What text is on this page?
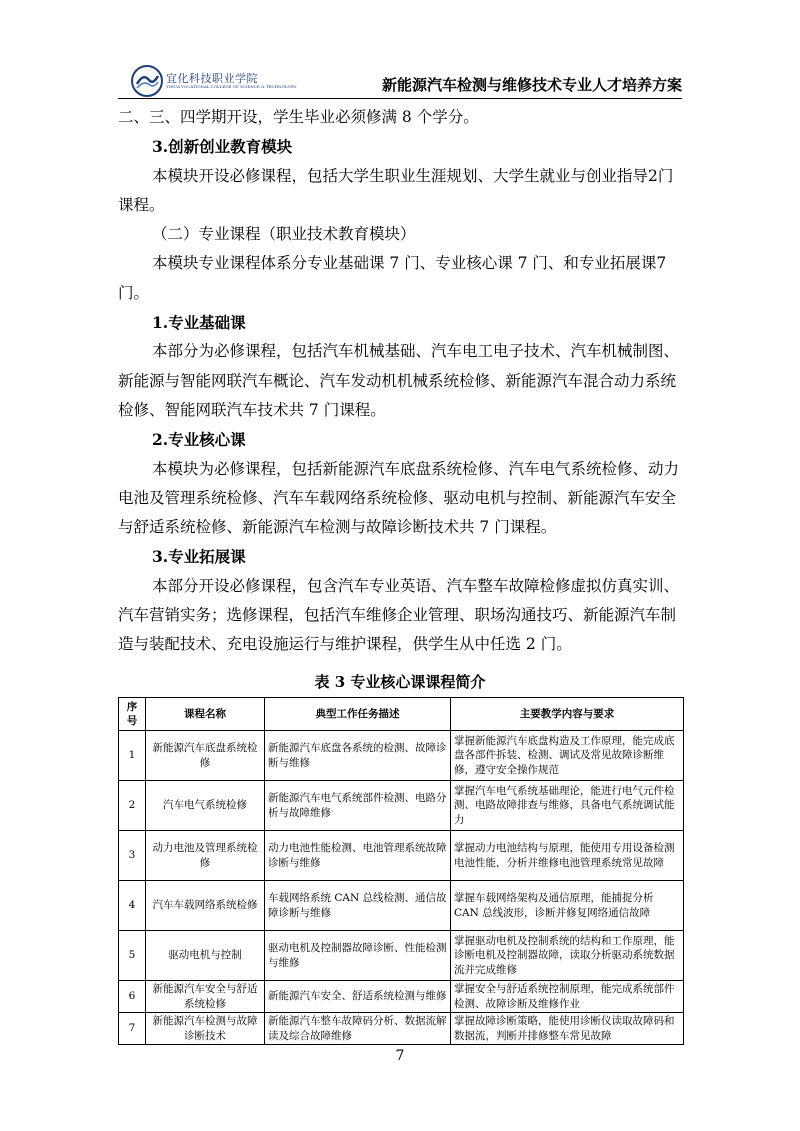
宜化科技职业学院
YIHUA VOCATIONAL COLLEGE OF SCIENCE & TECHNOLOGY	新能源汽车检测与维修技术专业人才培养方案

二、三、四学期开设，学生毕业必须修满 8 个学分。

3.创新创业教育模块

本模块开设必修课程，包括大学生职业生涯规划、大学生就业与创业指导2门课程。

（二）专业课程（职业技术教育模块）

本模块专业课程体系分专业基础课 7 门、专业核心课 7 门、和专业拓展课7门。

1.专业基础课

本部分为必修课程，包括汽车机械基础、汽车电工电子技术、汽车机械制图、新能源与智能网联汽车概论、汽车发动机机械系统检修、新能源汽车混合动力系统检修、智能网联汽车技术共 7 门课程。

2.专业核心课

本模块为必修课程，包括新能源汽车底盘系统检修、汽车电气系统检修、动力电池及管理系统检修、汽车车载网络系统检修、驱动电机与控制、新能源汽车安全与舒适系统检修、新能源汽车检测与故障诊断技术共 7 门课程。

3.专业拓展课

本部分开设必修课程，包含汽车专业英语、汽车整车故障检修虚拟仿真实训、汽车营销实务；选修课程，包括汽车维修企业管理、职场沟通技巧、新能源汽车制造与装配技术、充电设施运行与维护课程，供学生从中任选 2 门。

表 3 专业核心课课程简介
序号	课程名称	典型工作任务描述	主要教学内容与要求
1	新能源汽车底盘系统检修	新能源汽车底盘各系统的检测、故障诊断与维修	掌握新能源汽车底盘构造及工作原理，能完成底盘各部件拆装、检测、调试及常见故障诊断维修，遵守安全操作规范
2	汽车电气系统检修	新能源汽车电气系统部件检测、电路分析与故障维修	掌握汽车电气系统基础理论，能进行电气元件检测、电路故障排查与维修，具备电气系统调试能力
3	动力电池及管理系统检修	动力电池性能检测、电池管理系统故障诊断与维修	掌握动力电池结构与原理，能使用专用设备检测电池性能，分析并维修电池管理系统常见故障
4	汽车车载网络系统检修	车载网络系统 CAN 总线检测、通信故障诊断与维修	掌握车载网络架构及通信原理，能捕捉分析 CAN 总线波形，诊断并修复网络通信故障
5	驱动电机与控制	驱动电机及控制器故障诊断、性能检测与维修	掌握驱动电机及控制系统的结构和工作原理，能诊断电机及控制器故障，读取分析驱动系统数据流并完成维修
6	新能源汽车安全与舒适系统检修	新能源汽车安全、舒适系统检测与维修	掌握安全与舒适系统控制原理，能完成系统部件检测、故障诊断及维修作业
7	新能源汽车检测与故障诊断技术	新能源汽车整车故障码分析、数据流解读及综合故障维修	掌握故障诊断策略，能使用诊断仪读取故障码和数据流，判断并排修整车常见故障
7
